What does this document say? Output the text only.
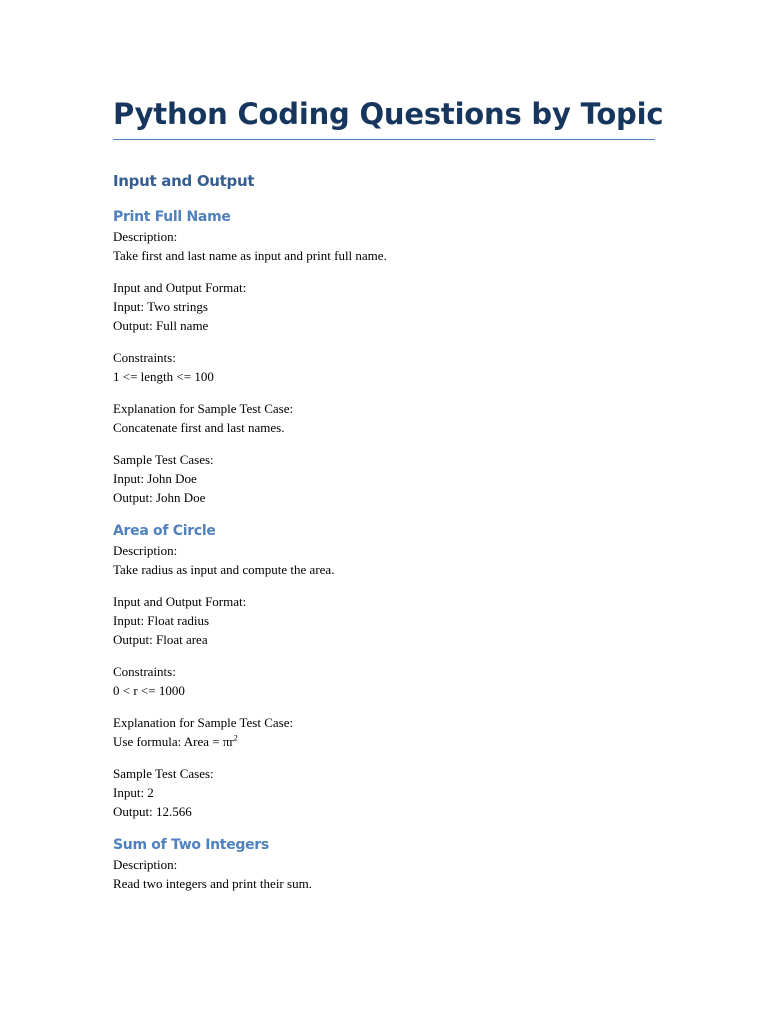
Python Coding Questions by Topic
Input and Output
Print Full Name

Description:

Take first and last name as input and print full name.

Input and Output Format:

Input: Two strings

Output: Full name

Constraints:

1 <= length <= 100

Explanation for Sample Test Case:

Concatenate first and last names.

Sample Test Cases:

Input: John Doe

Output: John Doe

Area of Circle

Description:

Take radius as input and compute the area.

Input and Output Format:

Input: Float radius

Output: Float area

Constraints:

0 < r <= 1000

Explanation for Sample Test Case:

Use formula: Area = $\pi r^2$

Sample Test Cases:

Input: 2

Output: 12.566

Sum of Two Integers

Description:

Read two integers and print their sum.
